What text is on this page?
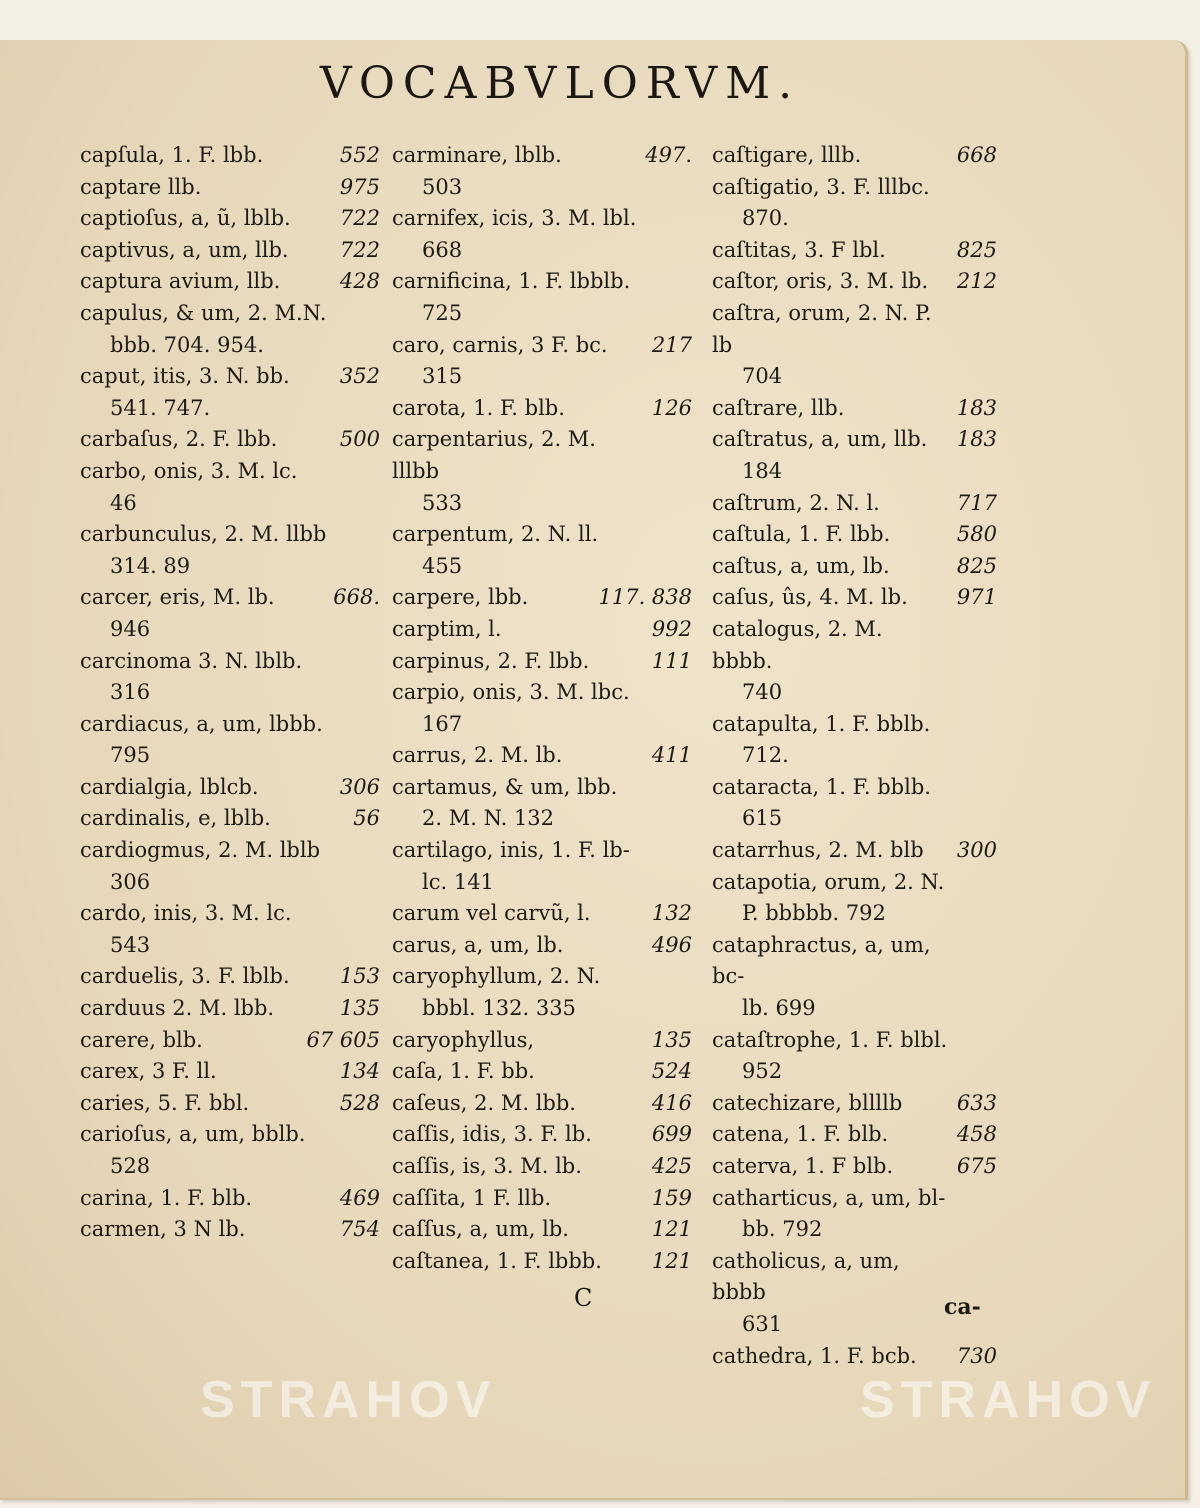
VOCABVLORVM.
capſula, 1. F. lbb.	552
captare llb.	975
captioſus, a, ũ, lblb. 722
captivus, a, um, llb. 722
captura avium, llb.	428
capulus, & um, 2. M.N.
bbb. 704. 954.
caput, itis, 3. N. bb. 352
541. 747.
carbaſus, 2. F. lbb.	500
carbo, onis, 3. M. lc.
46
carbunculus, 2. M. llbb
314. 89
carcer, eris, M. lb.	668.
946
carcinoma 3. N. lblb.
316
cardiacus, a, um, lbbb.
795
cardialgia, lblcb.	306
cardinalis, e, lblb.	56
cardiogmus, 2. M. lblb
306
cardo, inis, 3. M. lc.
543
carduelis, 3. F. lblb. 153
carduus 2. M. lbb.	135
carere, blb.	67 605
carex, 3 F. ll.	134
caries, 5. F. bbl.	528
carioſus, a, um, bblb.
528
carina, 1. F. blb.	469
carmen, 3 N lb.	754
carminare, lblb.	497.
503
carnifex, icis, 3. M. lbl.
668
carnificina, 1. F. lbblb.
725
caro, carnis, 3 F. bc. 217
315
carota, 1. F. blb.	126
carpentarius, 2. M. lllbb
533
carpentum, 2. N. ll.
455
carpere, lbb.	117. 838
carptim, l.	992
carpinus, 2. F. lbb.	111
carpio, onis, 3. M. lbc.
167
carrus, 2. M. lb.	411
cartamus, & um, lbb.
2. M. N. 132
cartilago, inis, 1. F. lb-
lc. 141
carum vel carvũ, l.	132
carus, a, um, lb.	496
caryophyllum, 2. N.
bbbl. 132. 335
caryophyllus,	135
caſa, 1. F. bb.	524
caſeus, 2. M. lbb.	416
caſſis, idis, 3. F. lb.	699
caſſis, is, 3. M. lb.	425
caſſita, 1 F. llb.	159
caſſus, a, um, lb.	121
caſtanea, 1. F. lbbb. 121
caſtigare, lllb.	668
caſtigatio, 3. F. lllbc.
870.
caſtitas, 3. F lbl.	825
caſtor, oris, 3. M. lb. 212
caſtra, orum, 2. N. P. lb
704
caſtrare, llb.	183
caſtratus, a, um, llb. 183
184
caſtrum, 2. N. l.	717
caſtula, 1. F. lbb.	580
caſtus, a, um, lb.	825
caſus, ûs, 4. M. lb. 971
catalogus, 2. M. bbbb.
740
catapulta, 1. F. bblb.
712.
cataracta, 1. F. bblb.
615
catarrhus, 2. M. blb 300
catapotia, orum, 2. N.
P. bbbbb. 792
cataphractus, a, um, bc-
lb. 699
cataſtrophe, 1. F. blbl.
952
catechizare, bllllb	633
catena, 1. F. blb.	458
caterva, 1. F blb.	675
catharticus, a, um, bl-
bb. 792
catholicus, a, um, bbbb
631
cathedra, 1. F. bcb. 730
C	ca-
STRAHOV	STRAHOV
